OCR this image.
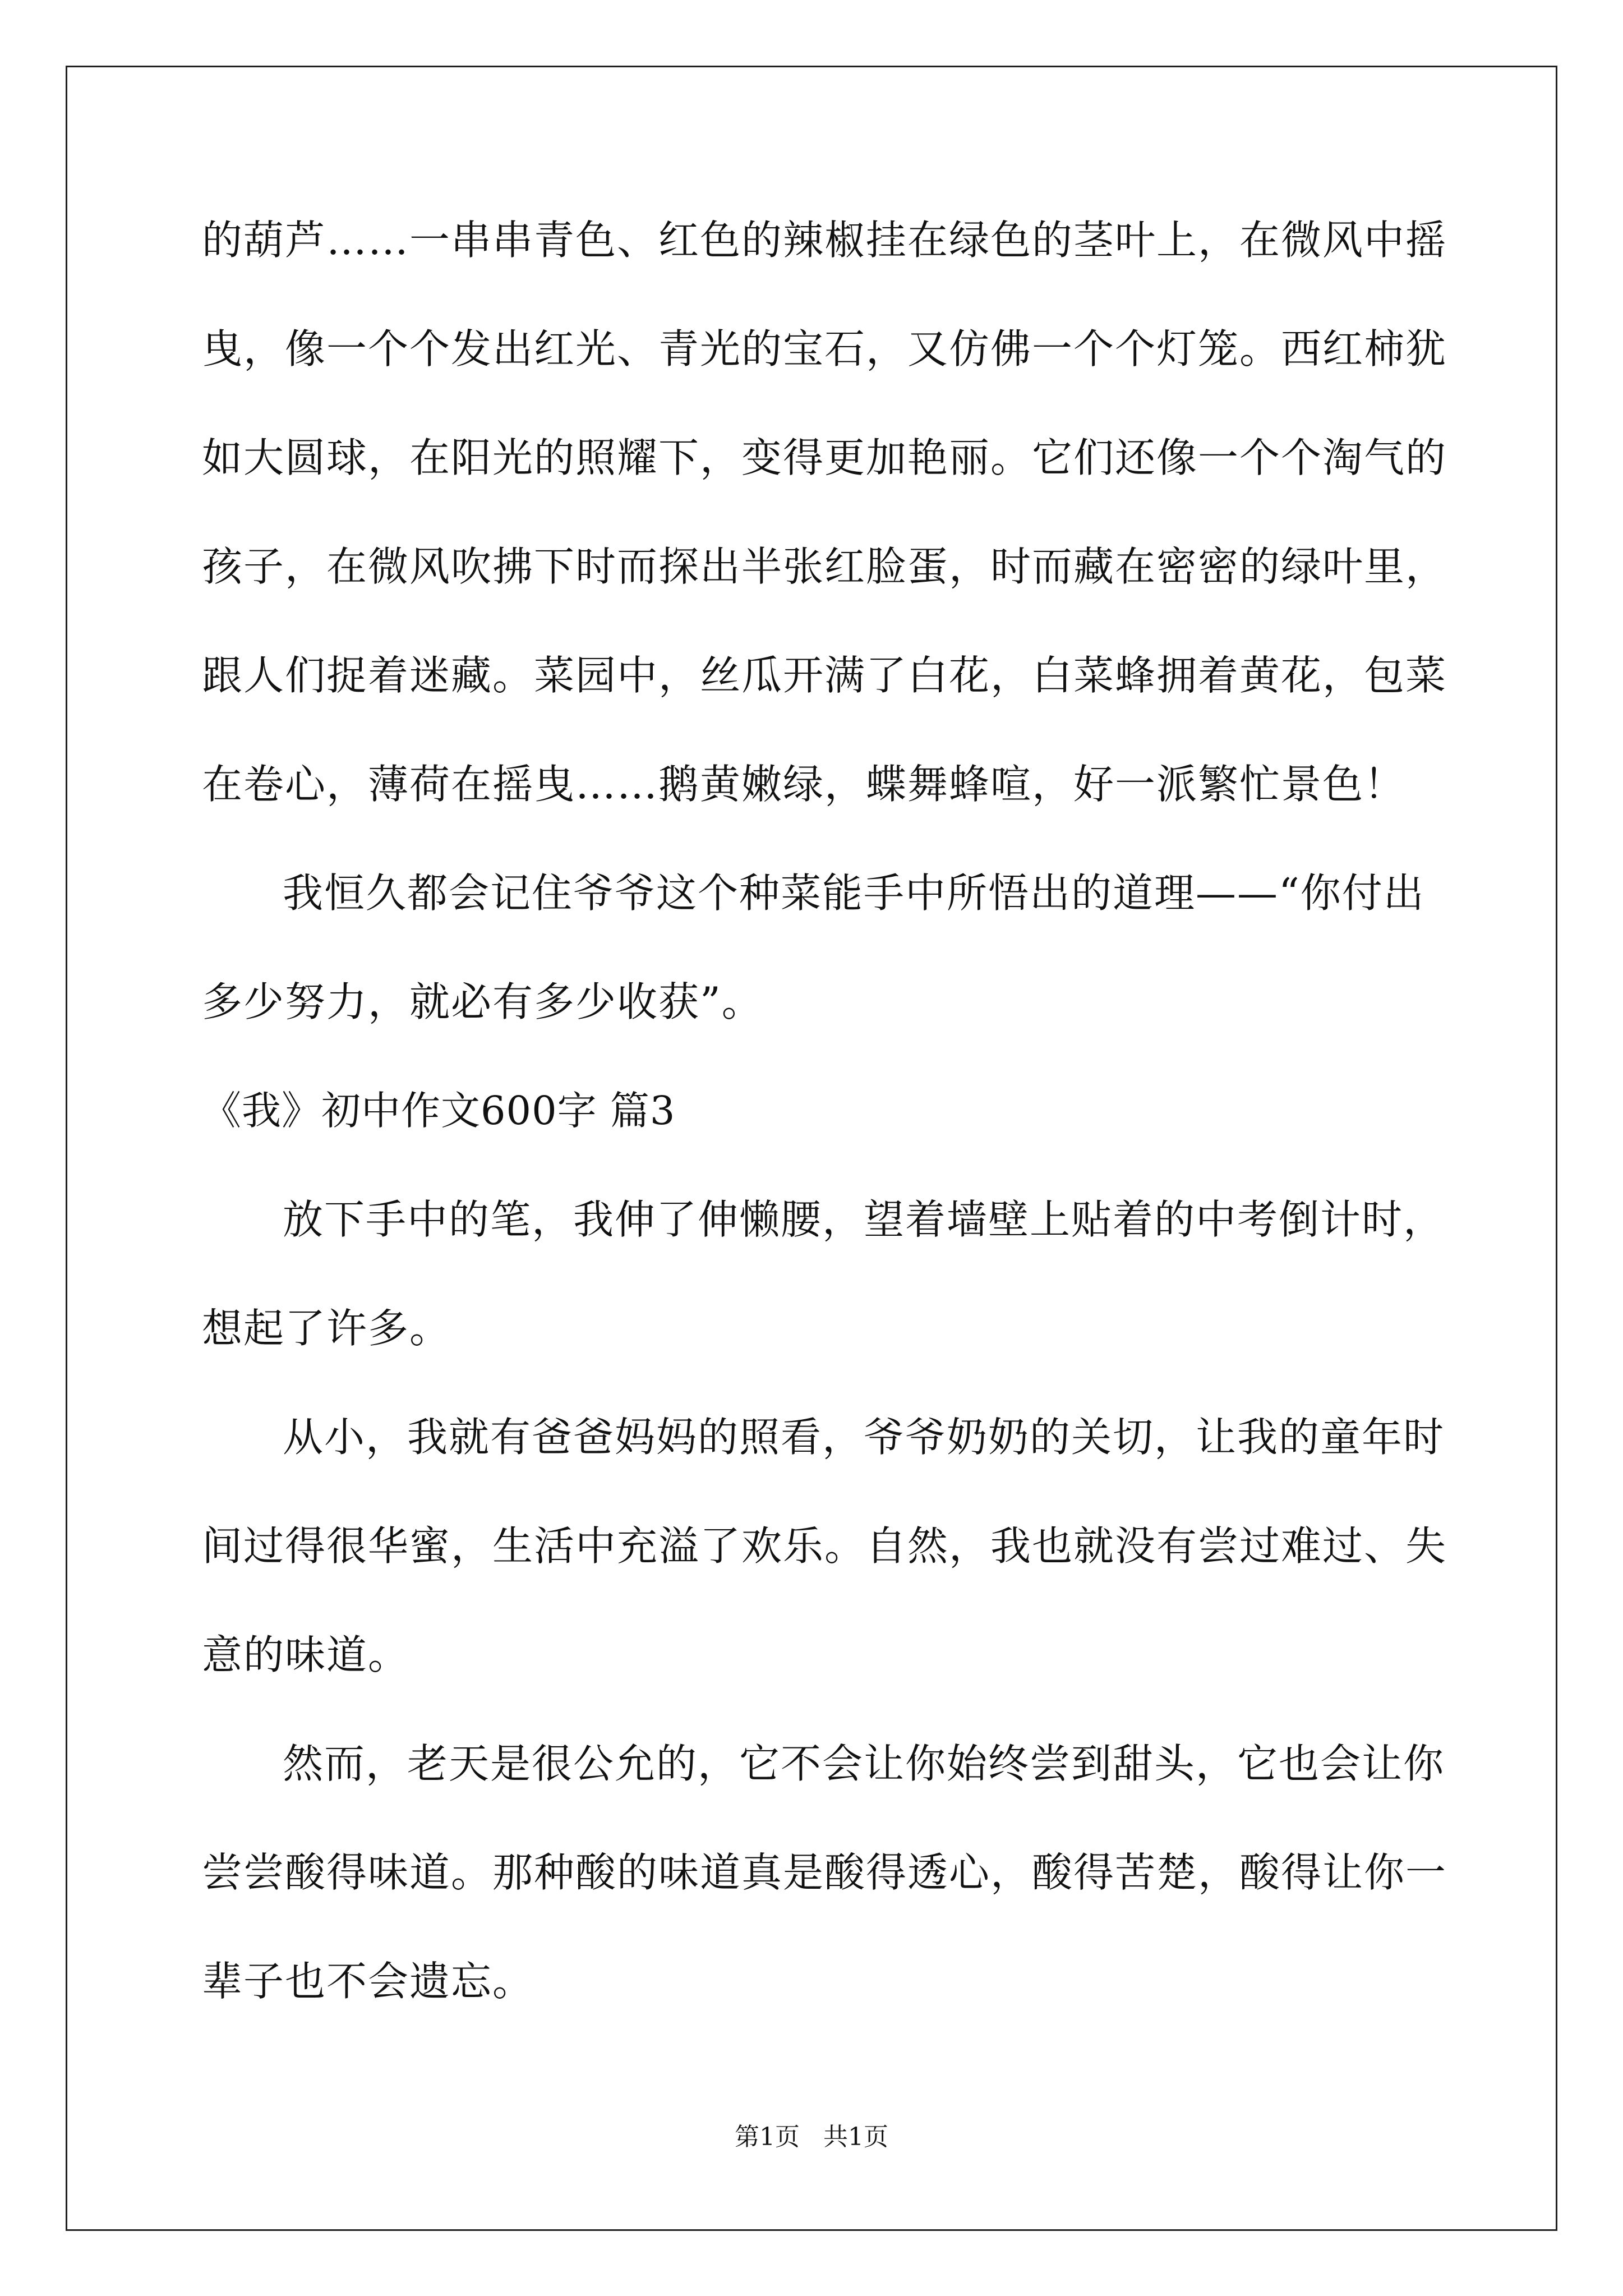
的葫芦……一串串青色、红色的辣椒挂在绿色的茎叶上，在微风中摇
曳，像一个个发出红光、青光的宝石，又仿佛一个个灯笼。西红柿犹
如大圆球，在阳光的照耀下，变得更加艳丽。它们还像一个个淘气的
孩子，在微风吹拂下时而探出半张红脸蛋，时而藏在密密的绿叶里，
跟人们捉着迷藏。菜园中，丝瓜开满了白花，白菜蜂拥着黄花，包菜
在卷心，薄荷在摇曳……鹅黄嫩绿，蝶舞蜂喧，好一派繁忙景色！
我恒久都会记住爷爷这个种菜能手中所悟出的道理——“你付出
多少努力，就必有多少收获”。
《我》初中作文600字 篇3
放下手中的笔，我伸了伸懒腰，望着墙壁上贴着的中考倒计时，
想起了许多。
从小，我就有爸爸妈妈的照看，爷爷奶奶的关切，让我的童年时
间过得很华蜜，生活中充溢了欢乐。自然，我也就没有尝过难过、失
意的味道。
然而，老天是很公允的，它不会让你始终尝到甜头，它也会让你
尝尝酸得味道。那种酸的味道真是酸得透心，酸得苦楚，酸得让你一
辈子也不会遗忘。
第1页 共1页
